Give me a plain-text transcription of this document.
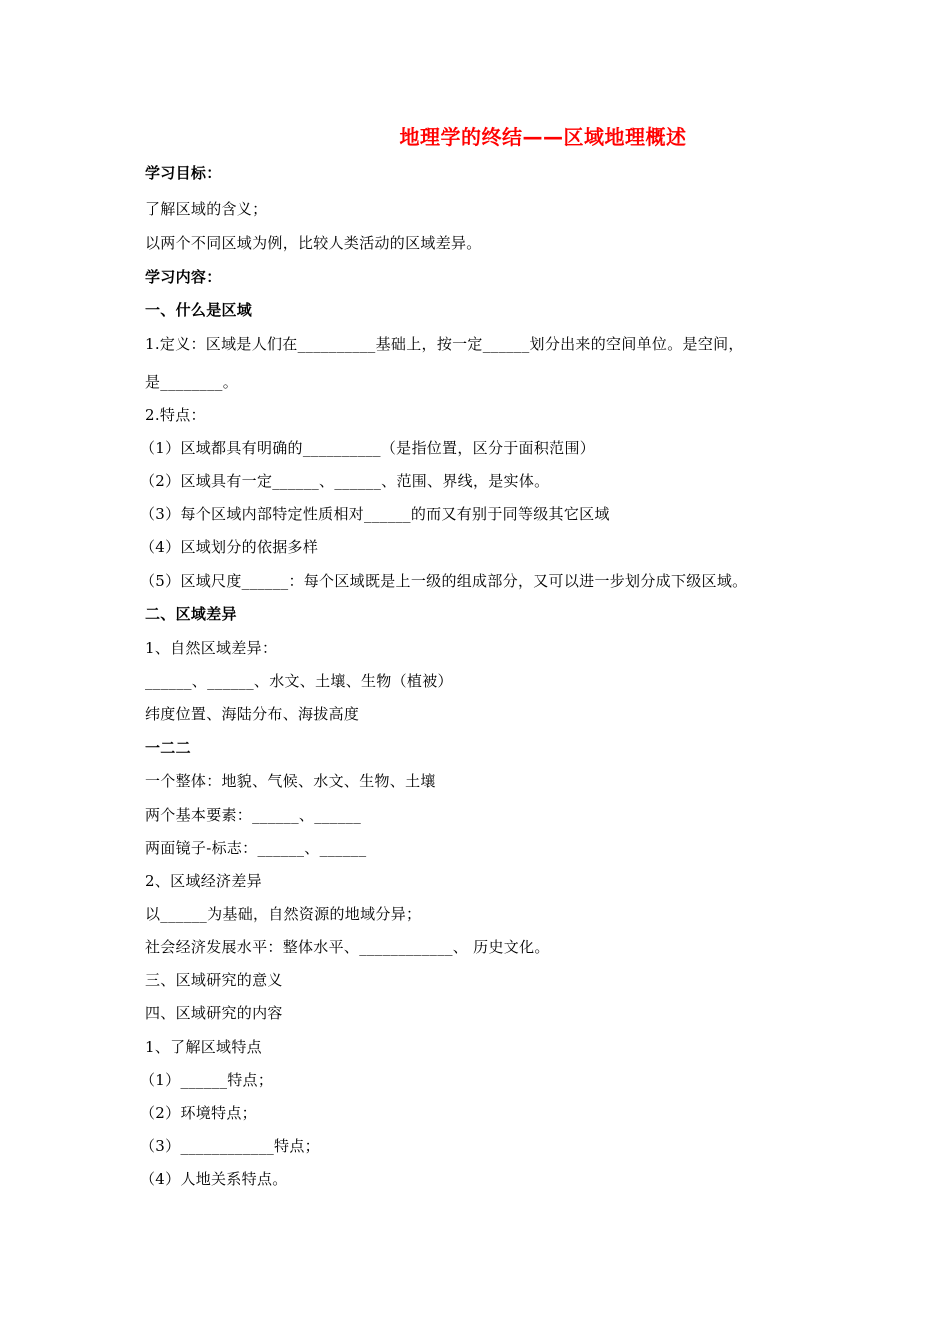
地理学的终结——区域地理概述
学习目标：
了解区域的含义；
以两个不同区域为例，比较人类活动的区域差异。
学习内容：
一、什么是区域
1.定义：区域是人们在__________基础上，按一定______划分出来的空间单位。是空间，
是________。
2.特点：
（1）区域都具有明确的__________（是指位置，区分于面积范围）
（2）区域具有一定______、______、范围、界线，是实体。
（3）每个区域内部特定性质相对______的而又有别于同等级其它区域
（4）区域划分的依据多样
（5）区域尺度______：每个区域既是上一级的组成部分，又可以进一步划分成下级区域。
二、区域差异
1、自然区域差异：
______、______、水文、土壤、生物（植被）
纬度位置、海陆分布、海拔高度
一二二
一个整体：地貌、气候、水文、生物、土壤
两个基本要素：______、______
两面镜子-标志：______、______
2、区域经济差异
以______为基础，自然资源的地域分异；
社会经济发展水平：整体水平、____________、 历史文化。
三、区域研究的意义
四、区域研究的内容
1、了解区域特点
（1）______特点；
（2）环境特点；
（3）____________特点；
（4）人地关系特点。
